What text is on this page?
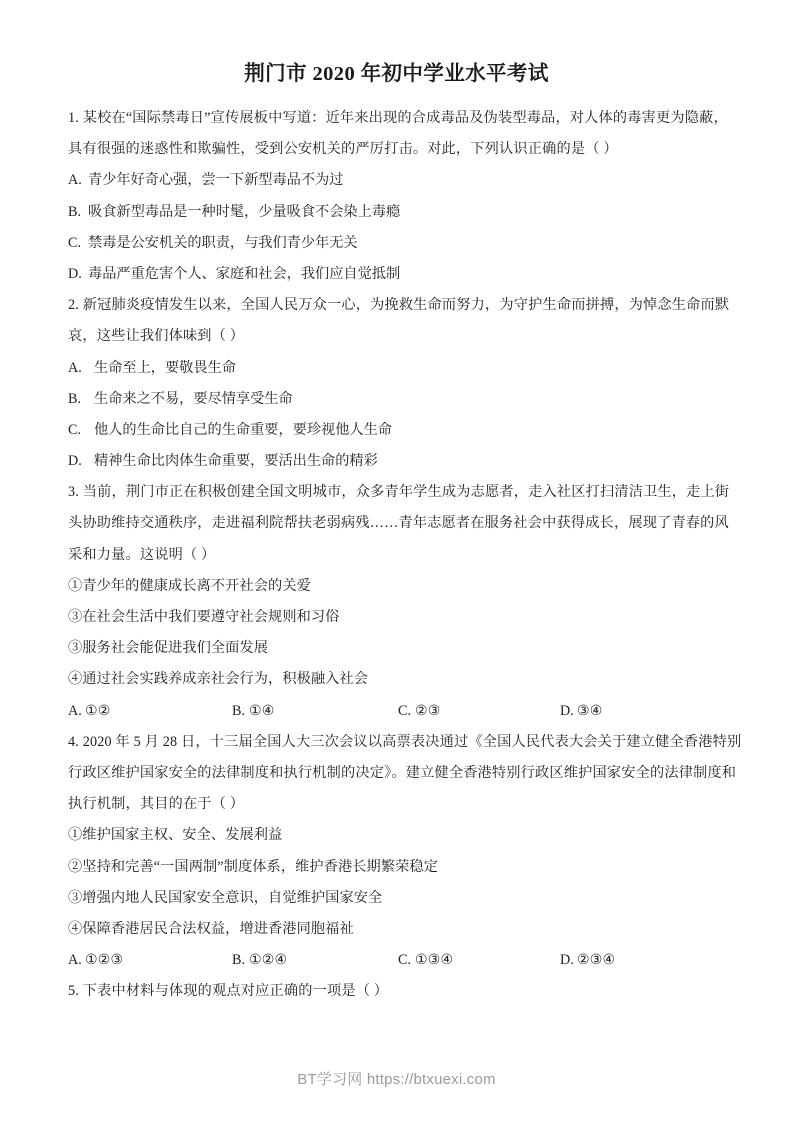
荆门市 2020 年初中学业水平考试
1. 某校在“国际禁毒日”宣传展板中写道：近年来出现的合成毒品及伪装型毒品，对人体的毒害更为隐蔽，
具有很强的迷惑性和欺骗性，受到公安机关的严厉打击。对此，下列认识正确的是（ ）
A. 青少年好奇心强，尝一下新型毒品不为过
B. 吸食新型毒品是一种时髦，少量吸食不会染上毒瘾
C. 禁毒是公安机关的职责，与我们青少年无关
D. 毒品严重危害个人、家庭和社会，我们应自觉抵制
2. 新冠肺炎疫情发生以来，全国人民万众一心，为挽救生命而努力，为守护生命而拼搏，为悼念生命而默
哀，这些让我们体味到（ ）
A. 生命至上，要敬畏生命
B. 生命来之不易，要尽情享受生命
C. 他人的生命比自己的生命重要，要珍视他人生命
D. 精神生命比肉体生命重要，要活出生命的精彩
3. 当前，荆门市正在积极创建全国文明城市，众多青年学生成为志愿者，走入社区打扫清洁卫生，走上街
头协助维持交通秩序，走进福利院帮扶老弱病残……青年志愿者在服务社会中获得成长，展现了青春的风
采和力量。这说明（ ）
①青少年的健康成长离不开社会的关爱
③在社会生活中我们要遵守社会规则和习俗
③服务社会能促进我们全面发展
④通过社会实践养成亲社会行为，积极融入社会
A. ①②	B. ①④	C. ②③	D. ③④
4. 2020 年 5 月 28 日，十三届全国人大三次会议以高票表决通过《全国人民代表大会关于建立健全香港特别
行政区维护国家安全的法律制度和执行机制的决定》。建立健全香港特别行政区维护国家安全的法律制度和
执行机制，其目的在于（ ）
①维护国家主权、安全、发展利益
②坚持和完善“一国两制”制度体系，维护香港长期繁荣稳定
③增强内地人民国家安全意识，自觉维护国家安全
④保障香港居民合法权益，增进香港同胞福祉
A. ①②③	B. ①②④	C. ①③④	D. ②③④
5. 下表中材料与体现的观点对应正确的一项是（ ）
BT学习网 https://btxuexi.com
